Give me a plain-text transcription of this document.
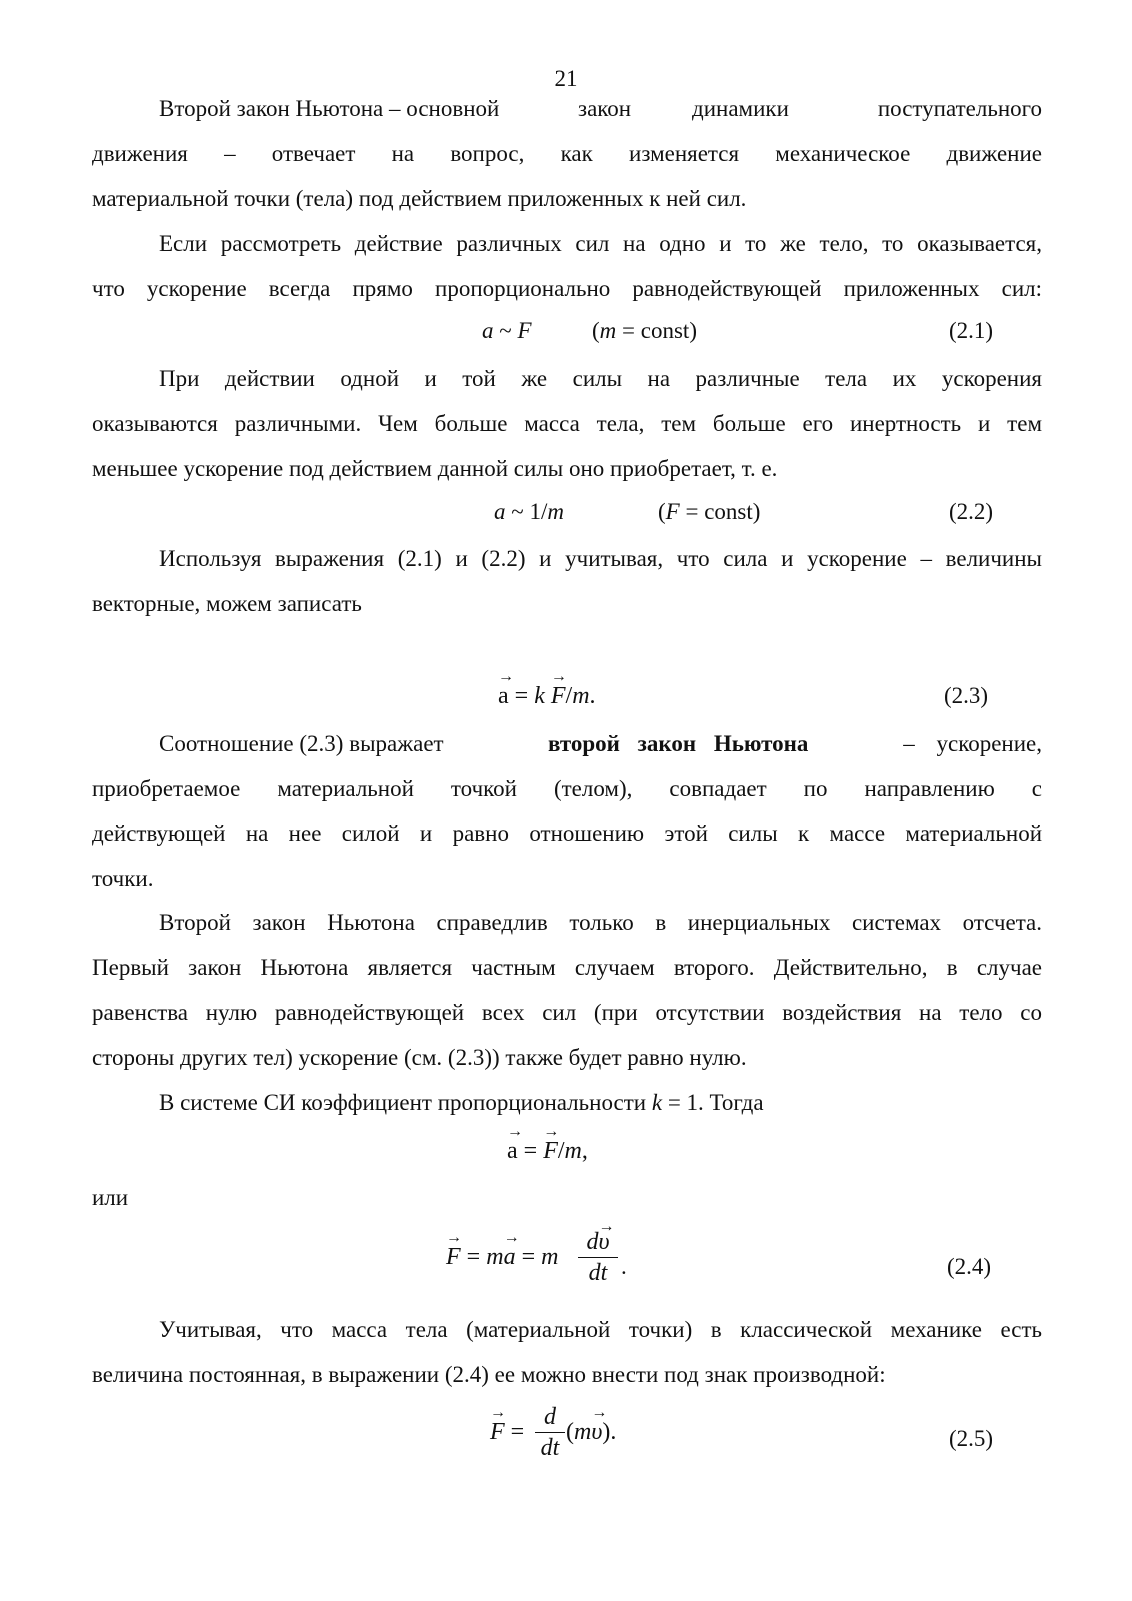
21
Второй закон Ньютона – основной	закон	динамики	поступательного
движения – отвечает на вопрос, как изменяется механическое движение
материальной точки (тела) под действием приложенных к ней сил.
Если рассмотреть действие различных сил на одно и то же тело, то оказывается,
что ускорение всегда прямо пропорционально равнодействующей приложенных сил:
a ~ F	(m = const)	(2.1)
При действии одной и той же силы на различные тела их ускорения
оказываются различными. Чем больше масса тела, тем больше его инертность и тем
меньшее ускорение под действием данной силы оно приобретает, т. е.
a ~ 1/m	(F = const)	(2.2)
Используя выражения (2.1) и (2.2) и учитывая, что сила и ускорение – величины
векторные, можем записать
→ a = k → F/m.	(2.3)
Соотношение (2.3) выражает	второй закон Ньютона	– ускорение,
приобретаемое материальной точкой (телом), совпадает по направлению с
действующей на нее силой и равно отношению этой силы к массе материальной
точки.
Второй закон Ньютона справедлив только в инерциальных системах отсчета.
Первый закон Ньютона является частным случаем второго. Действительно, в случае
равенства нулю равнодействующей всех сил (при отсутствии воздействия на тело со
стороны других тел) ускорение (см. (2.3)) также будет равно нулю.
В системе СИ коэффициент пропорциональности k = 1. Тогда
→ a = → F/m,
или
→ F = m→ a = m $\frac{d\to \upsilon}{dt}$ .	(2.4)
Учитывая, что масса тела (материальной точки) в классической механике есть
величина постоянная, в выражении (2.4) ее можно внести под знак производной:
→ $F = \frac{d}{dt} (m\to \upsilon)$.	(2.5)
